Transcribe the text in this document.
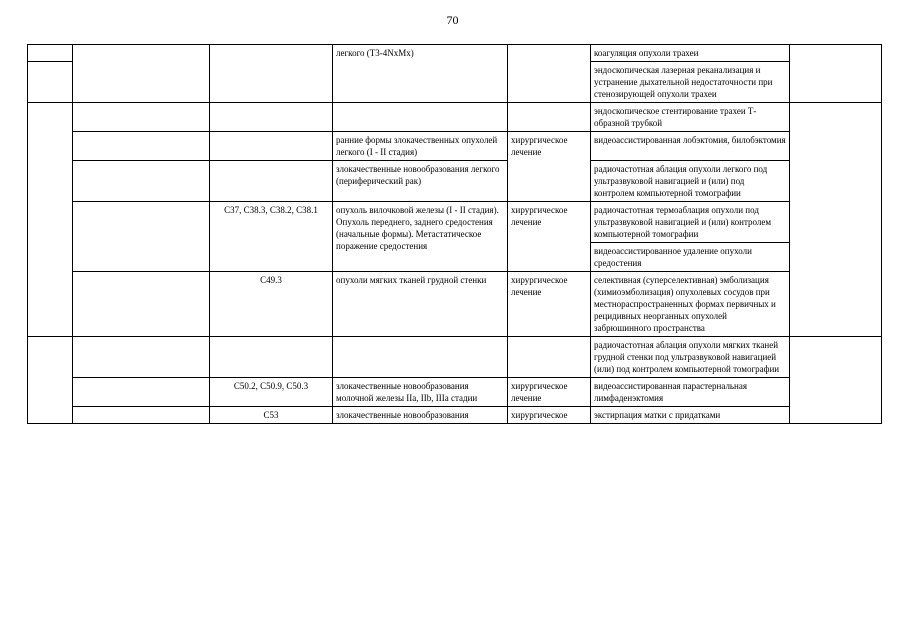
70
			легкого (T3-4NxMx)		коагуляция опухоли трахеи	
					эндоскопическая лазерная реканализация и устранение дыхательной недостаточности при стенозирующей опухоли трахеи	
					эндоскопическое стентирование трахеи Т-образной трубкой	
			ранние формы злокачественных опухолей легкого (I - II стадия)	хирургическое лечение	видеоассистированная лобэктомия, билобэктомия	
			злокачественные новообразования легкого (периферический рак)		радиочастотная аблация опухоли легкого под ультразвуковой навигацией и (или) под контролем компьютерной томографии	
		C37, C38.3, C38.2, C38.1	опухоль вилочковой железы (I - II стадия). Опухоль переднего, заднего средостения (начальные формы). Метастатическое поражение средостения	хирургическое лечение	радиочастотная термоаблация опухоли под ультразвуковой навигацией и (или) контролем компьютерной томографии	
					видеоассистированное удаление опухоли средостения	
		C49.3	опухоли мягких тканей грудной стенки	хирургическое лечение	селективная (суперселективная) эмболизация (химиоэмболизация) опухолевых сосудов при местнораспространенных формах первичных и рецидивных неорганных опухолей забрюшинного пространства	
					радиочастотная аблация опухоли мягких тканей грудной стенки под ультразвуковой навигацией (или) под контролем компьютерной томографии	
		C50.2, C50.9, C50.3	злокачественные новообразования молочной железы IIa, IIb, IIIa стадии	хирургическое лечение	видеоассистированная парастернальная лимфаденэктомия	
		C53	злокачественные новообразования	хирургическое	экстирпация матки с придатками	
